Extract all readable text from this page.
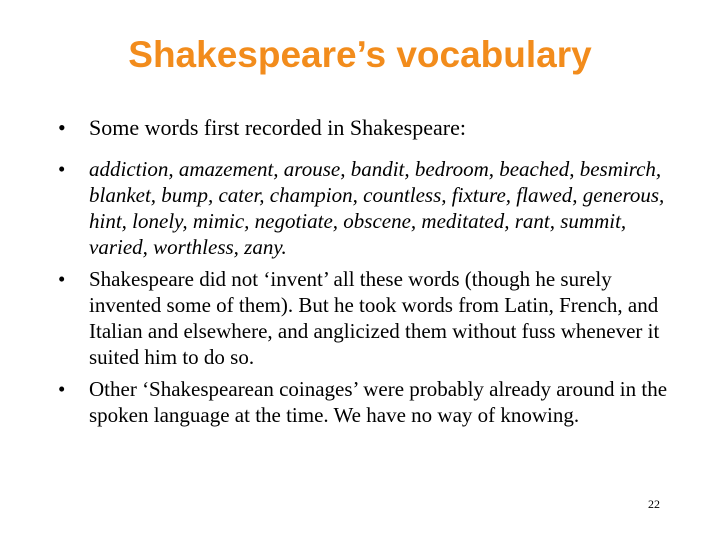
Shakespeare’s vocabulary
• Some words first recorded in Shakespeare:
• addiction, amazement, arouse, bandit, bedroom, beached, besmirch, blanket, bump, cater, champion, countless, fixture, flawed, generous, hint, lonely, mimic, negotiate, obscene, meditated, rant, summit, varied, worthless, zany.
• Shakespeare did not ‘invent’ all these words (though he surely invented some of them). But he took words from Latin, French, and Italian and elsewhere, and anglicized them without fuss whenever it suited him to do so.
• Other ‘Shakespearean coinages’ were probably already around in the spoken language at the time. We have no way of knowing.
22
